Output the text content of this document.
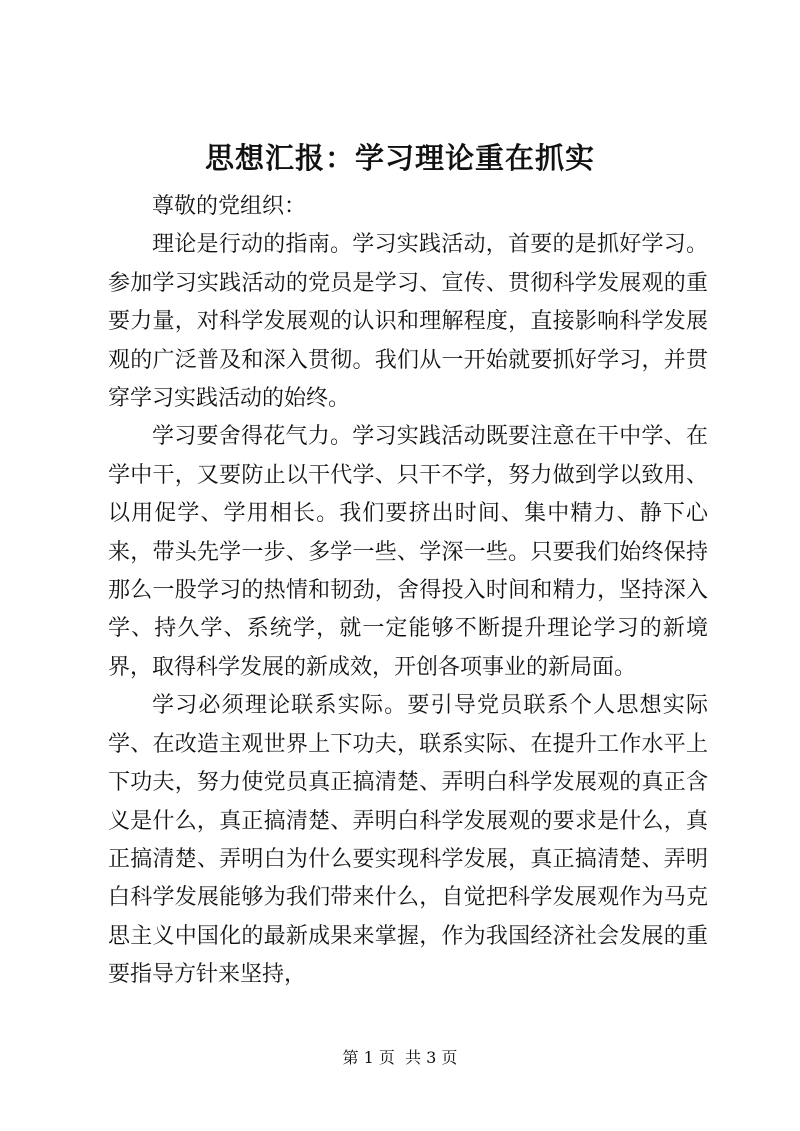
思想汇报：学习理论重在抓实

尊敬的党组织：

理论是行动的指南。学习实践活动，首要的是抓好学习。参加学习实践活动的党员是学习、宣传、贯彻科学发展观的重要力量，对科学发展观的认识和理解程度，直接影响科学发展观的广泛普及和深入贯彻。我们从一开始就要抓好学习，并贯穿学习实践活动的始终。

学习要舍得花气力。学习实践活动既要注意在干中学、在学中干，又要防止以干代学、只干不学，努力做到学以致用、以用促学、学用相长。我们要挤出时间、集中精力、静下心来，带头先学一步、多学一些、学深一些。只要我们始终保持那么一股学习的热情和韧劲，舍得投入时间和精力，坚持深入学、持久学、系统学，就一定能够不断提升理论学习的新境界，取得科学发展的新成效，开创各项事业的新局面。

学习必须理论联系实际。要引导党员联系个人思想实际学、在改造主观世界上下功夫，联系实际、在提升工作水平上下功夫，努力使党员真正搞清楚、弄明白科学发展观的真正含义是什么，真正搞清楚、弄明白科学发展观的要求是什么，真正搞清楚、弄明白为什么要实现科学发展，真正搞清楚、弄明白科学发展能够为我们带来什么，自觉把科学发展观作为马克思主义中国化的最新成果来掌握，作为我国经济社会发展的重要指导方针来坚持，

第 1 页  共 3 页
